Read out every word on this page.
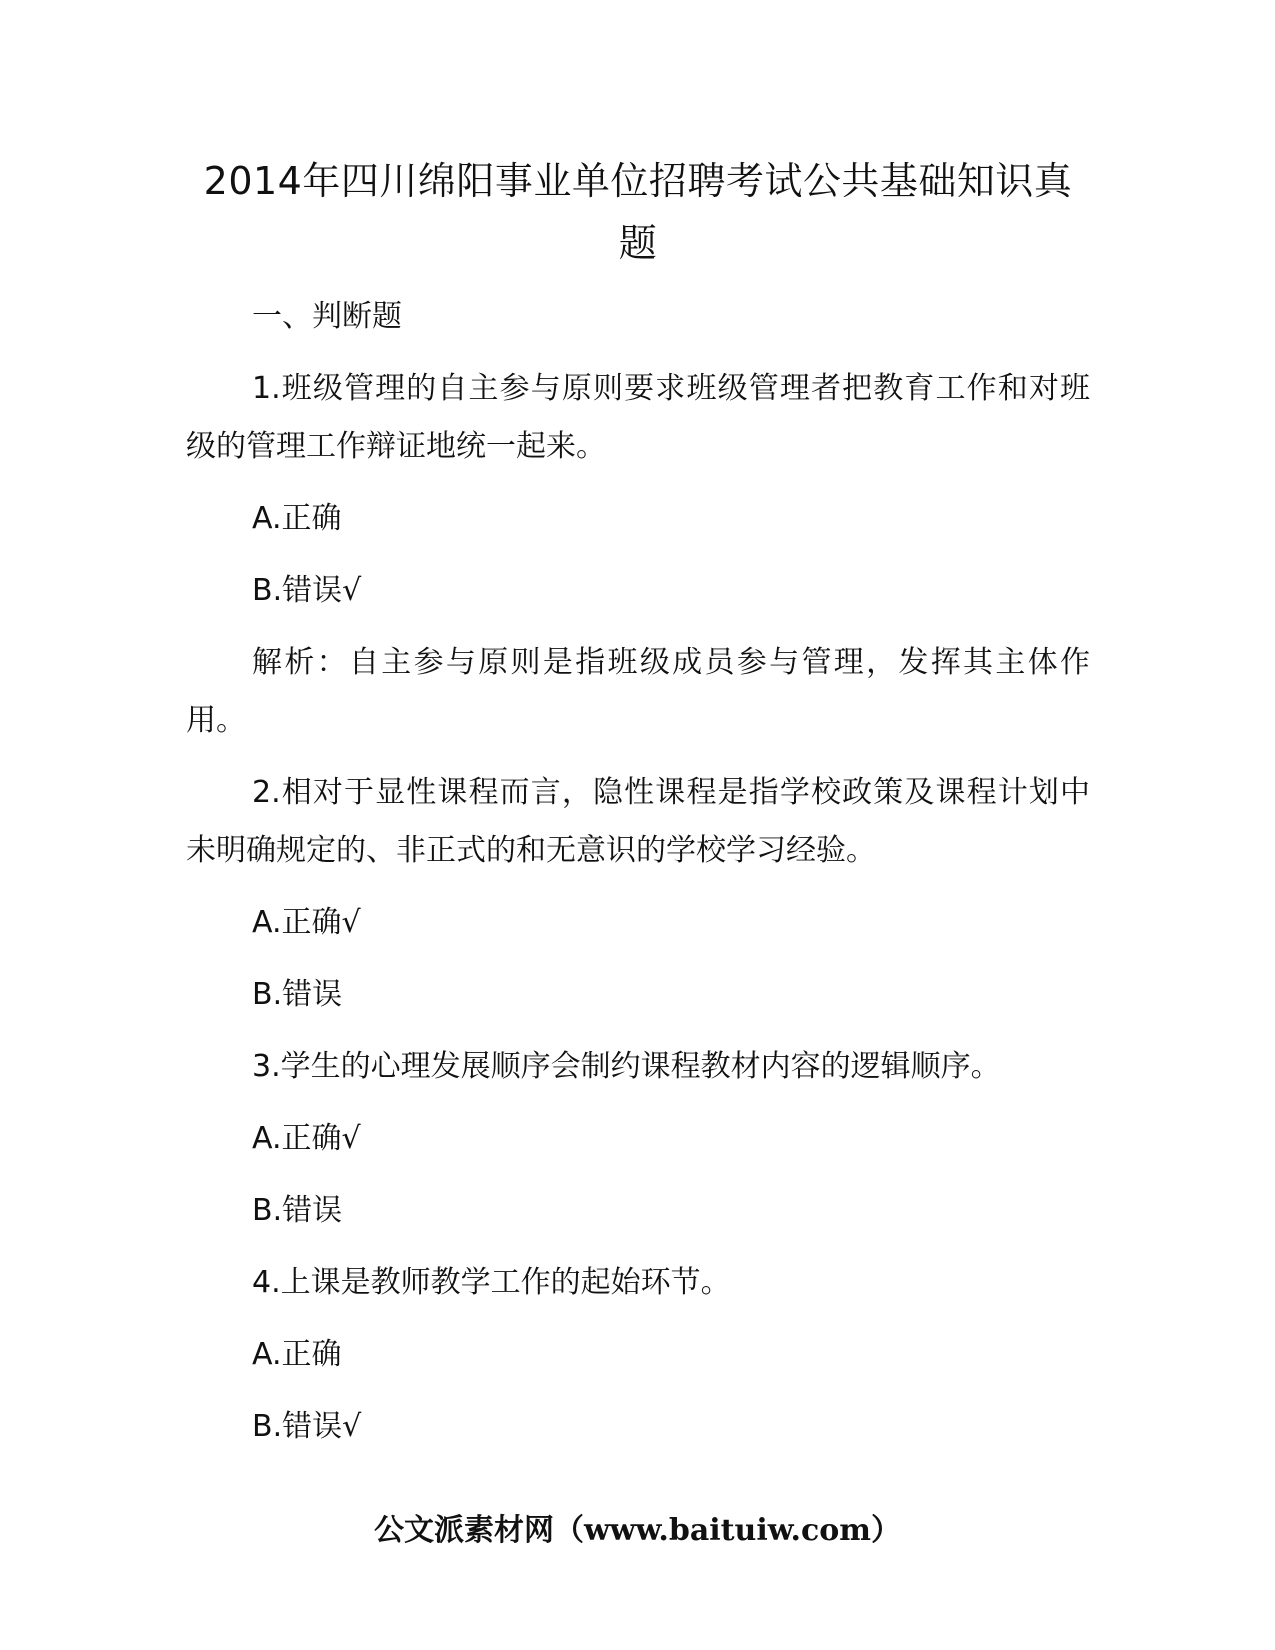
2014年四川绵阳事业单位招聘考试公共基础知识真题

一、判断题

1.班级管理的自主参与原则要求班级管理者把教育工作和对班级的管理工作辩证地统一起来。

A.正确

B.错误√

解析：自主参与原则是指班级成员参与管理，发挥其主体作用。

2.相对于显性课程而言，隐性课程是指学校政策及课程计划中未明确规定的、非正式的和无意识的学校学习经验。

A.正确√

B.错误

3.学生的心理发展顺序会制约课程教材内容的逻辑顺序。

A.正确√

B.错误

4.上课是教师教学工作的起始环节。

A.正确

B.错误√

公文派素材网（www.baituiw.com）
